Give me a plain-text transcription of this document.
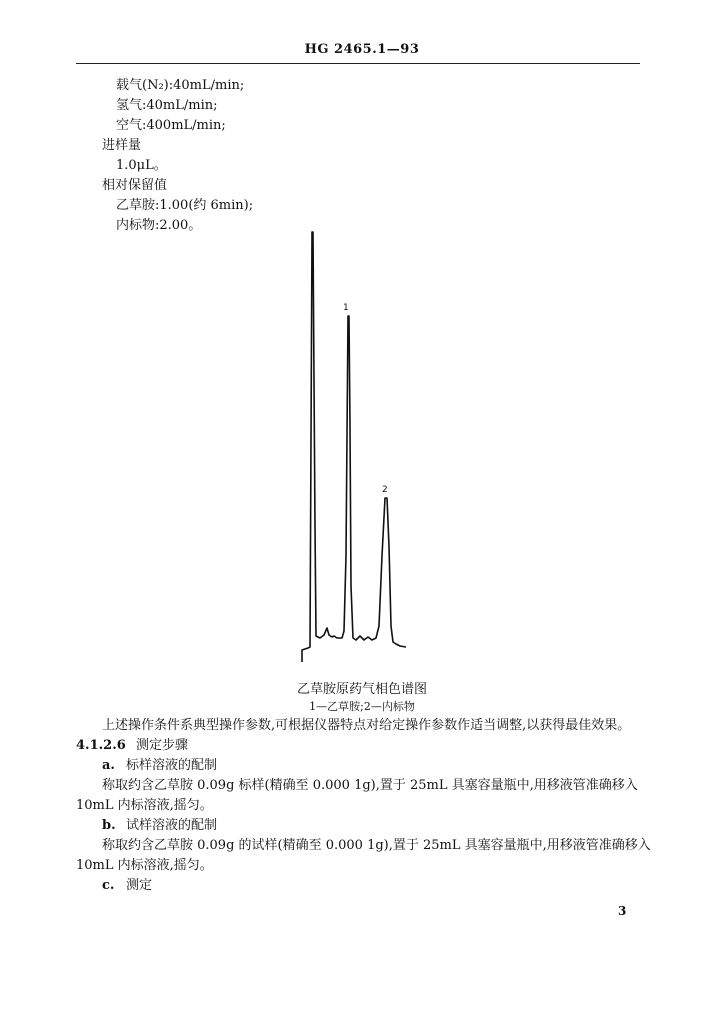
HG 2465.1—93
载气(N₂):40mL/min;
氢气:40mL/min;
空气:400mL/min;
进样量
1.0μL。
相对保留值
乙草胺:1.00(约 6min);
内标物:2.00。
1
2
乙草胺原药气相色谱图
1—乙草胺;2—内标物
上述操作条件系典型操作参数,可根据仪器特点对给定操作参数作适当调整,以获得最佳效果。
4.1.2.6 测定步骤
a. 标样溶液的配制
称取约含乙草胺 0.09g 标样(精确至 0.000 1g),置于 25mL 具塞容量瓶中,用移液管准确移入
10mL 内标溶液,摇匀。
b. 试样溶液的配制
称取约含乙草胺 0.09g 的试样(精确至 0.000 1g),置于 25mL 具塞容量瓶中,用移液管准确移入
10mL 内标溶液,摇匀。
c. 测定
3
